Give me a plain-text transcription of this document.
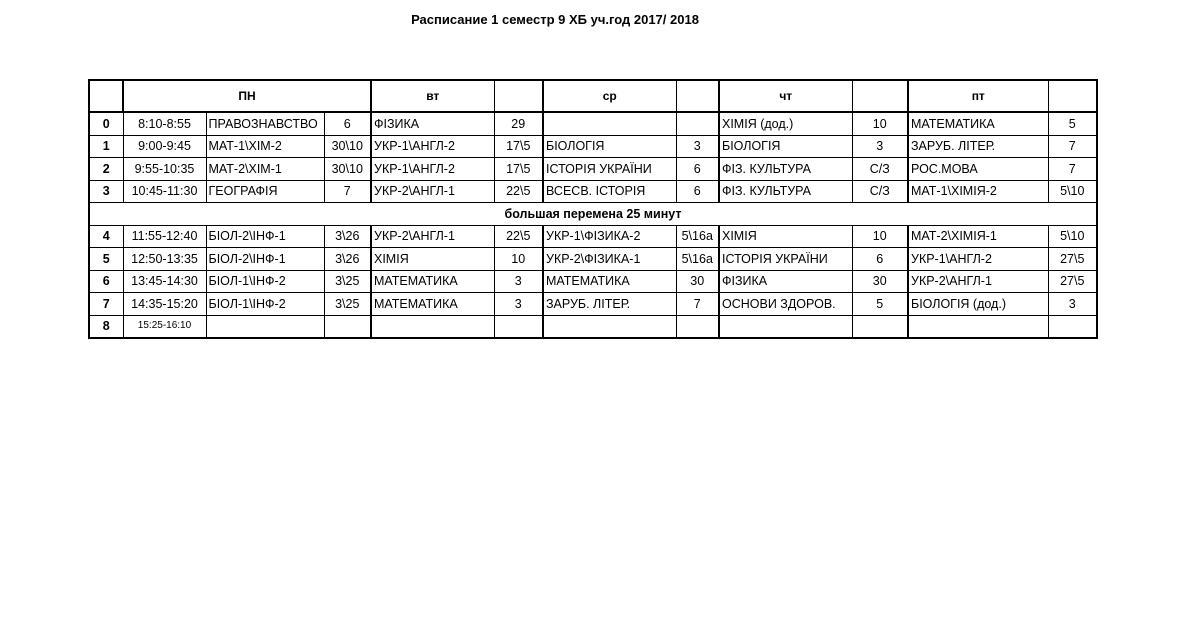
Расписание 1 семестр 9 ХБ уч.год 2017/ 2018
	ПН			вт		ср		чт		пт	
0	8:10-8:55	ПРАВОЗНАВСТВО	6	ФІЗИКА	29			ХІМІЯ (дод.)	10	МАТЕМАТИКА	5
1	9:00-9:45	МАТ-1\ХІМ-2	30\10	УКР-1\АНГЛ-2	17\5	БІОЛОГІЯ	3	БІОЛОГІЯ	3	ЗАРУБ. ЛІТЕР.	7
2	9:55-10:35	МАТ-2\ХІМ-1	30\10	УКР-1\АНГЛ-2	17\5	ІСТОРІЯ УКРАЇНИ	6	ФІЗ. КУЛЬТУРА	С/З	РОС.МОВА	7
3	10:45-11:30	ГЕОГРАФІЯ	7	УКР-2\АНГЛ-1	22\5	ВСЕСВ. ІСТОРІЯ	6	ФІЗ. КУЛЬТУРА	С/З	МАТ-1\ХІМІЯ-2	5\10
большая перемена 25 минут											
4	11:55-12:40	БІОЛ-2\ІНФ-1	3\26	УКР-2\АНГЛ-1	22\5	УКР-1\ФІЗИКА-2	5\16а	ХІМІЯ	10	МАТ-2\ХІМІЯ-1	5\10
5	12:50-13:35	БІОЛ-2\ІНФ-1	3\26	ХІМІЯ	10	УКР-2\ФІЗИКА-1	5\16а	ІСТОРІЯ УКРАЇНИ	6	УКР-1\АНГЛ-2	27\5
6	13:45-14:30	БІОЛ-1\ІНФ-2	3\25	МАТЕМАТИКА	3	МАТЕМАТИКА	30	ФІЗИКА	30	УКР-2\АНГЛ-1	27\5
7	14:35-15:20	БІОЛ-1\ІНФ-2	3\25	МАТЕМАТИКА	3	ЗАРУБ. ЛІТЕР.	7	ОСНОВИ ЗДОРОВ.	5	БІОЛОГІЯ (дод.)	3
8	15:25-16:10										
